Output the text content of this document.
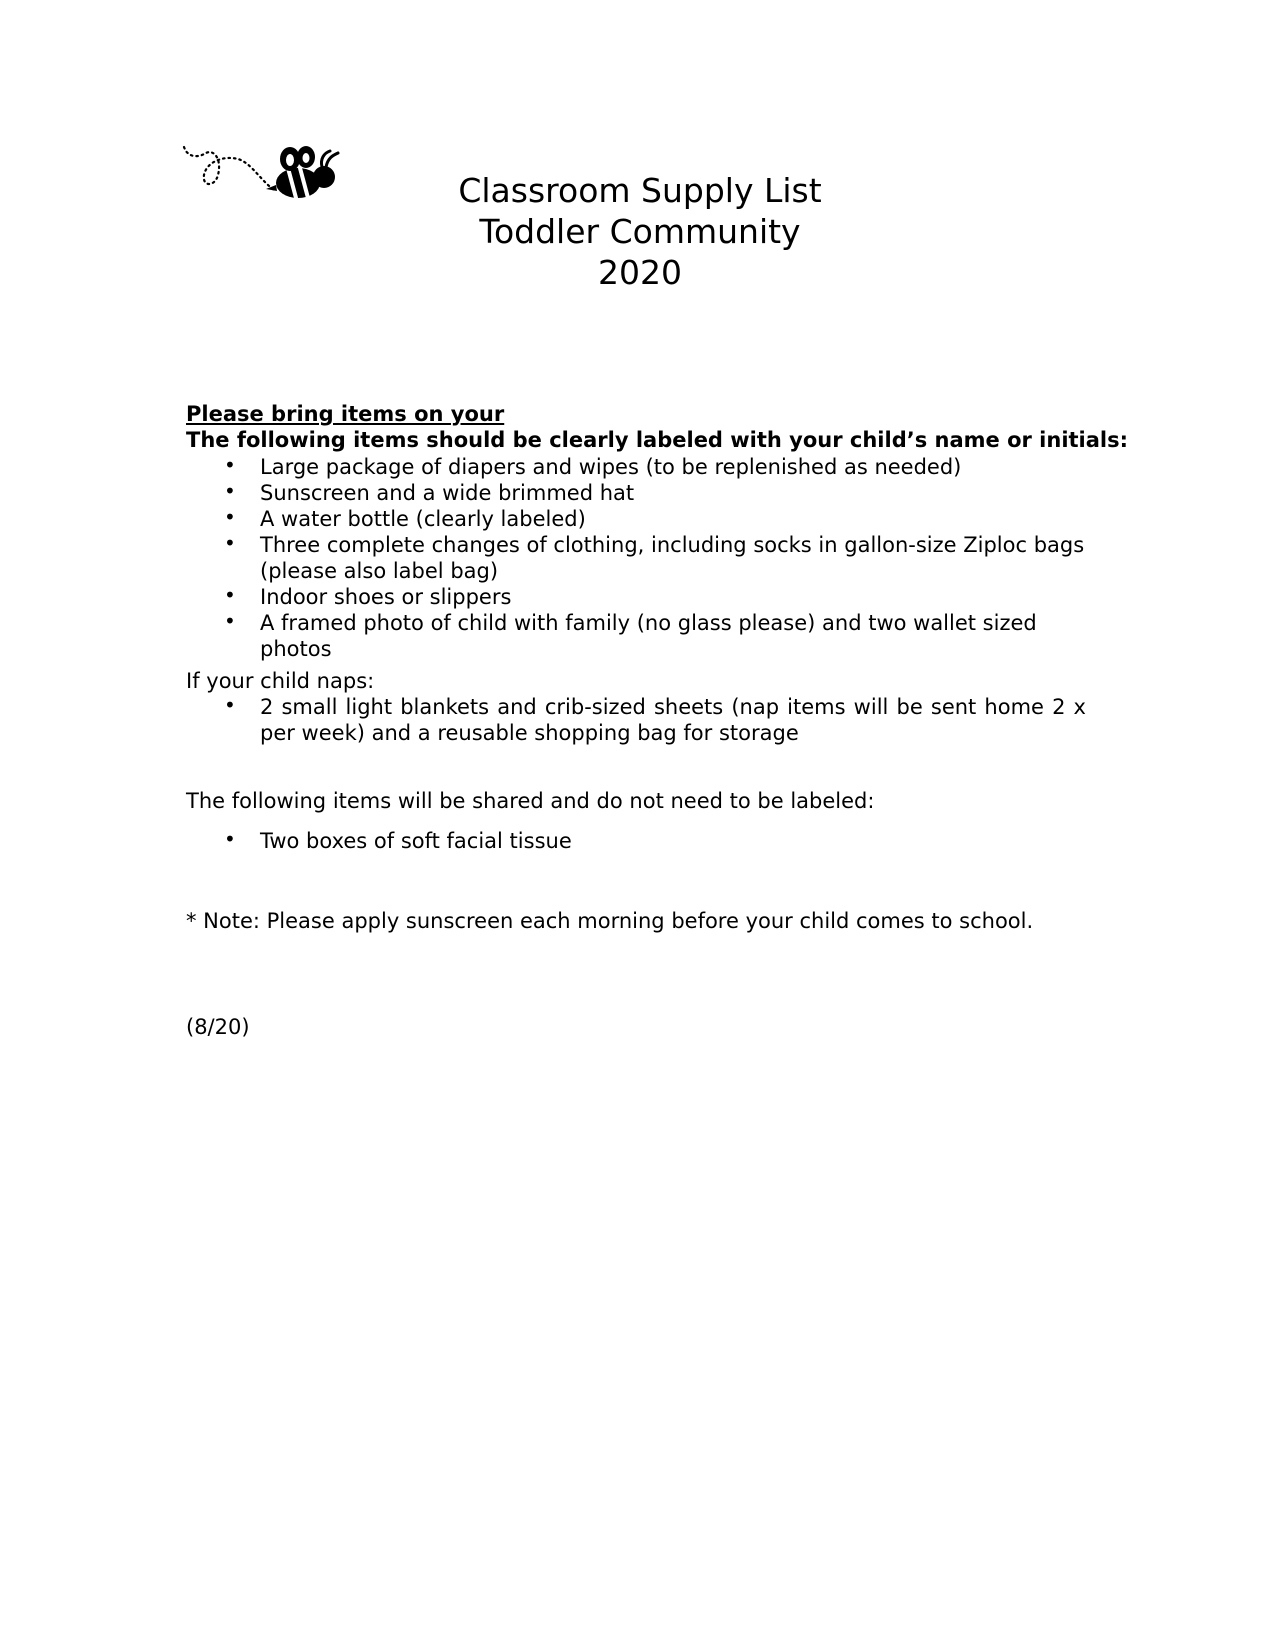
Classroom Supply List
Toddler Community
2020
Please bring items on your
The following items should be clearly labeled with your child’s name or initials:
• Large package of diapers and wipes (to be replenished as needed)
• Sunscreen and a wide brimmed hat
• A water bottle (clearly labeled)
• Three complete changes of clothing, including socks in gallon-size Ziploc bags (please also label bag)
• Indoor shoes or slippers
• A framed photo of child with family (no glass please) and two wallet sized photos
If your child naps:
• 2 small light blankets and crib-sized sheets (nap items will be sent home 2 x per week) and a reusable shopping bag for storage
The following items will be shared and do not need to be labeled:
• Two boxes of soft facial tissue
* Note: Please apply sunscreen each morning before your child comes to school.
(8/20)
